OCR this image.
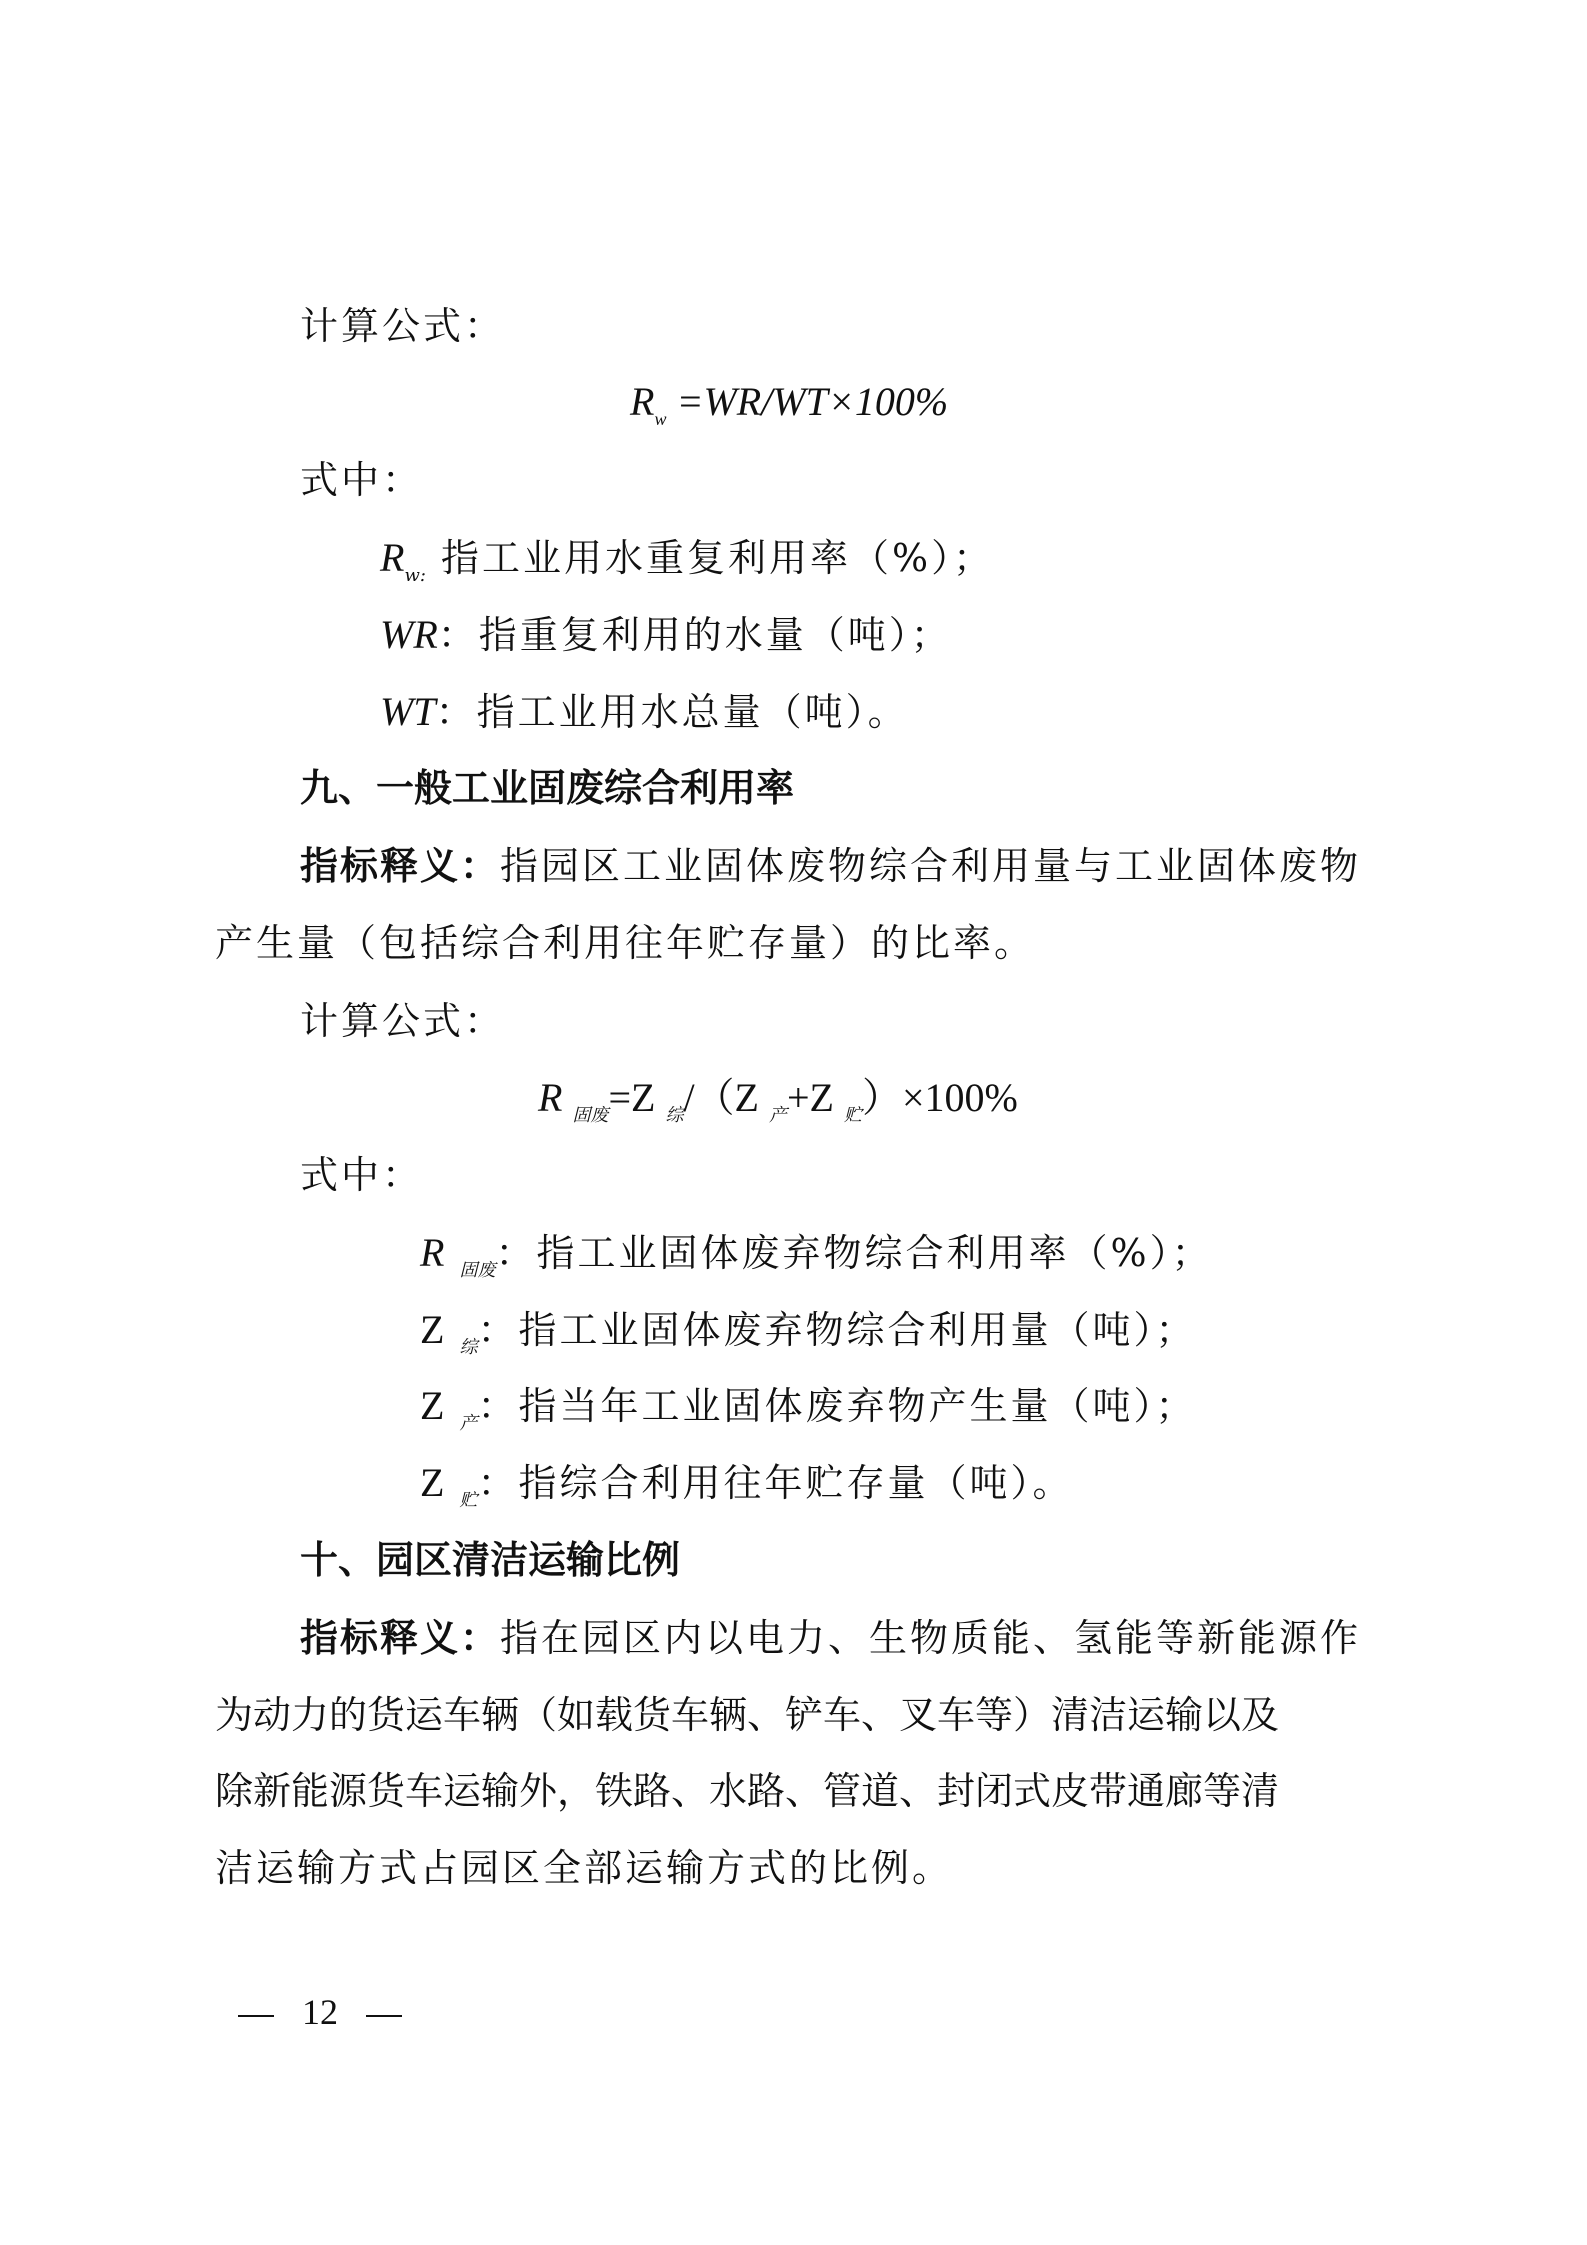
计算公式：
$R_w =WR/WT\times 100\%$
式中：
$R_{w:}$ 指工业用水重复利用率（%）；
WR：指重复利用的水量（吨）；
WT：指工业用水总量（吨）。
九、一般工业固废综合利用率
指标释义：指园区工业固体废物综合利用量与工业固体废物
产生量（包括综合利用往年贮存量）的比率。
计算公式：
R $_{固废}$=Z $_综$/（Z $_产$+Z $_贮$）×100%
式中：
R $_{固废}$：指工业固体废弃物综合利用率（%）；
Z $_综$：指工业固体废弃物综合利用量（吨）；
Z $_产$：指当年工业固体废弃物产生量（吨）；
Z $_贮$：指综合利用往年贮存量（吨）。
十、园区清洁运输比例
指标释义：指在园区内以电力、生物质能、氢能等新能源作
为动力的货运车辆（如载货车辆、铲车、叉车等）清洁运输以及
除新能源货车运输外，铁路、水路、管道、封闭式皮带通廊等清
洁运输方式占园区全部运输方式的比例。
12
